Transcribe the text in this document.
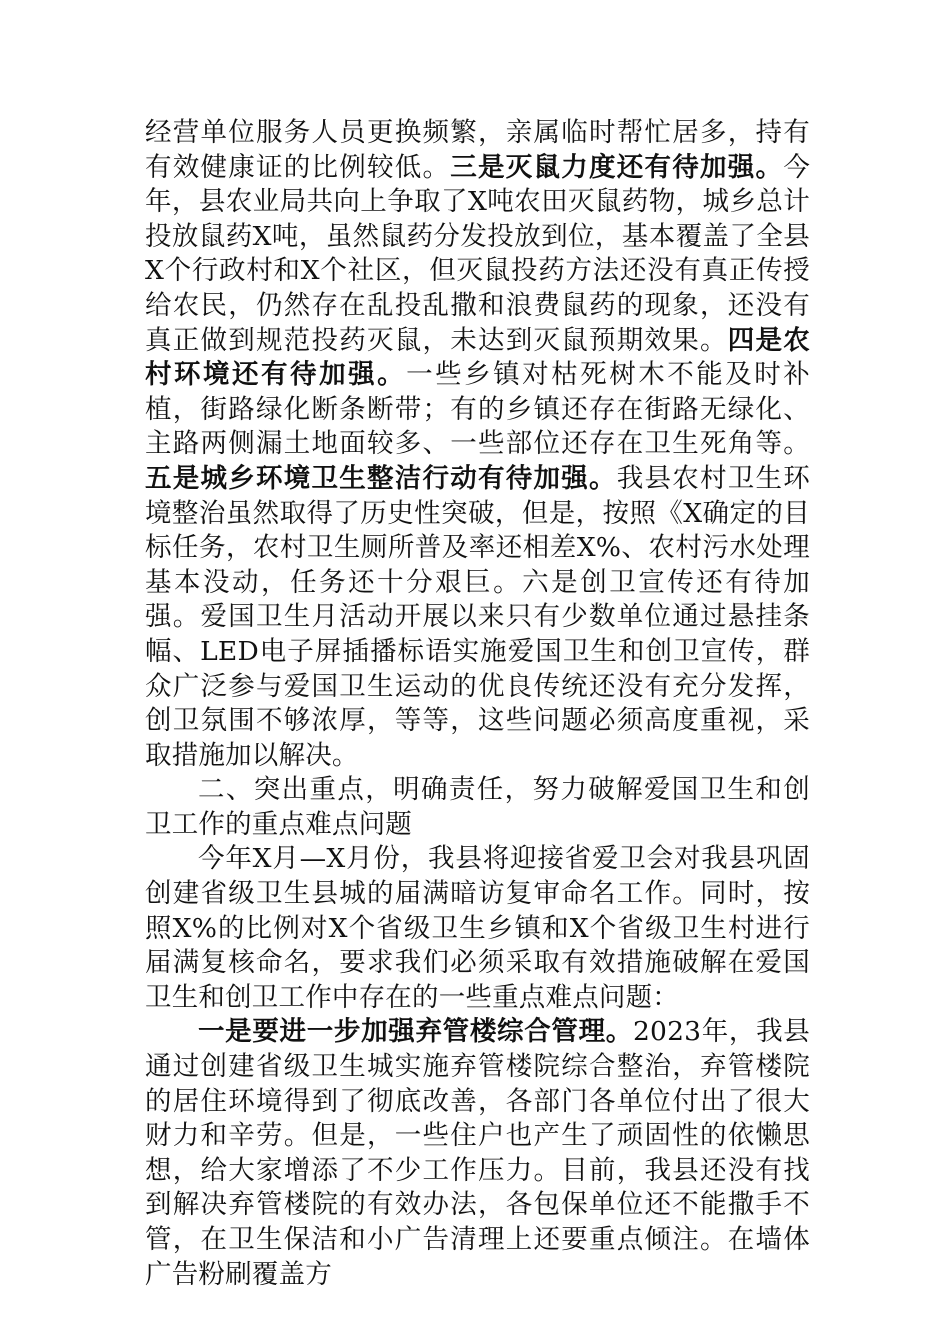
经营单位服务人员更换频繁，亲属临时帮忙居多，持有有效健康证的比例较低。三是灭鼠力度还有待加强。今年，县农业局共向上争取了X吨农田灭鼠药物，城乡总计投放鼠药X吨，虽然鼠药分发投放到位，基本覆盖了全县X个行政村和X个社区，但灭鼠投药方法还没有真正传授给农民，仍然存在乱投乱撒和浪费鼠药的现象，还没有真正做到规范投药灭鼠，未达到灭鼠预期效果。四是农村环境还有待加强。一些乡镇对枯死树木不能及时补植，街路绿化断条断带；有的乡镇还存在街路无绿化、主路两侧漏土地面较多、一些部位还存在卫生死角等。五是城乡环境卫生整洁行动有待加强。我县农村卫生环境整治虽然取得了历史性突破，但是，按照《X确定的目标任务，农村卫生厕所普及率还相差X%、农村污水处理基本没动，任务还十分艰巨。六是创卫宣传还有待加强。爱国卫生月活动开展以来只有少数单位通过悬挂条幅、LED电子屏插播标语实施爱国卫生和创卫宣传，群众广泛参与爱国卫生运动的优良传统还没有充分发挥，创卫氛围不够浓厚，等等，这些问题必须高度重视，采取措施加以解决。

二、突出重点，明确责任，努力破解爱国卫生和创卫工作的重点难点问题

今年X月—X月份，我县将迎接省爱卫会对我县巩固创建省级卫生县城的届满暗访复审命名工作。同时，按照X%的比例对X个省级卫生乡镇和X个省级卫生村进行届满复核命名，要求我们必须采取有效措施破解在爱国卫生和创卫工作中存在的一些重点难点问题：

一是要进一步加强弃管楼综合管理。2023年，我县通过创建省级卫生城实施弃管楼院综合整治，弃管楼院的居住环境得到了彻底改善，各部门各单位付出了很大财力和辛劳。但是，一些住户也产生了顽固性的依懒思想，给大家增添了不少工作压力。目前，我县还没有找到解决弃管楼院的有效办法，各包保单位还不能撒手不管，在卫生保洁和小广告清理上还要重点倾注。在墙体广告粉刷覆盖方
